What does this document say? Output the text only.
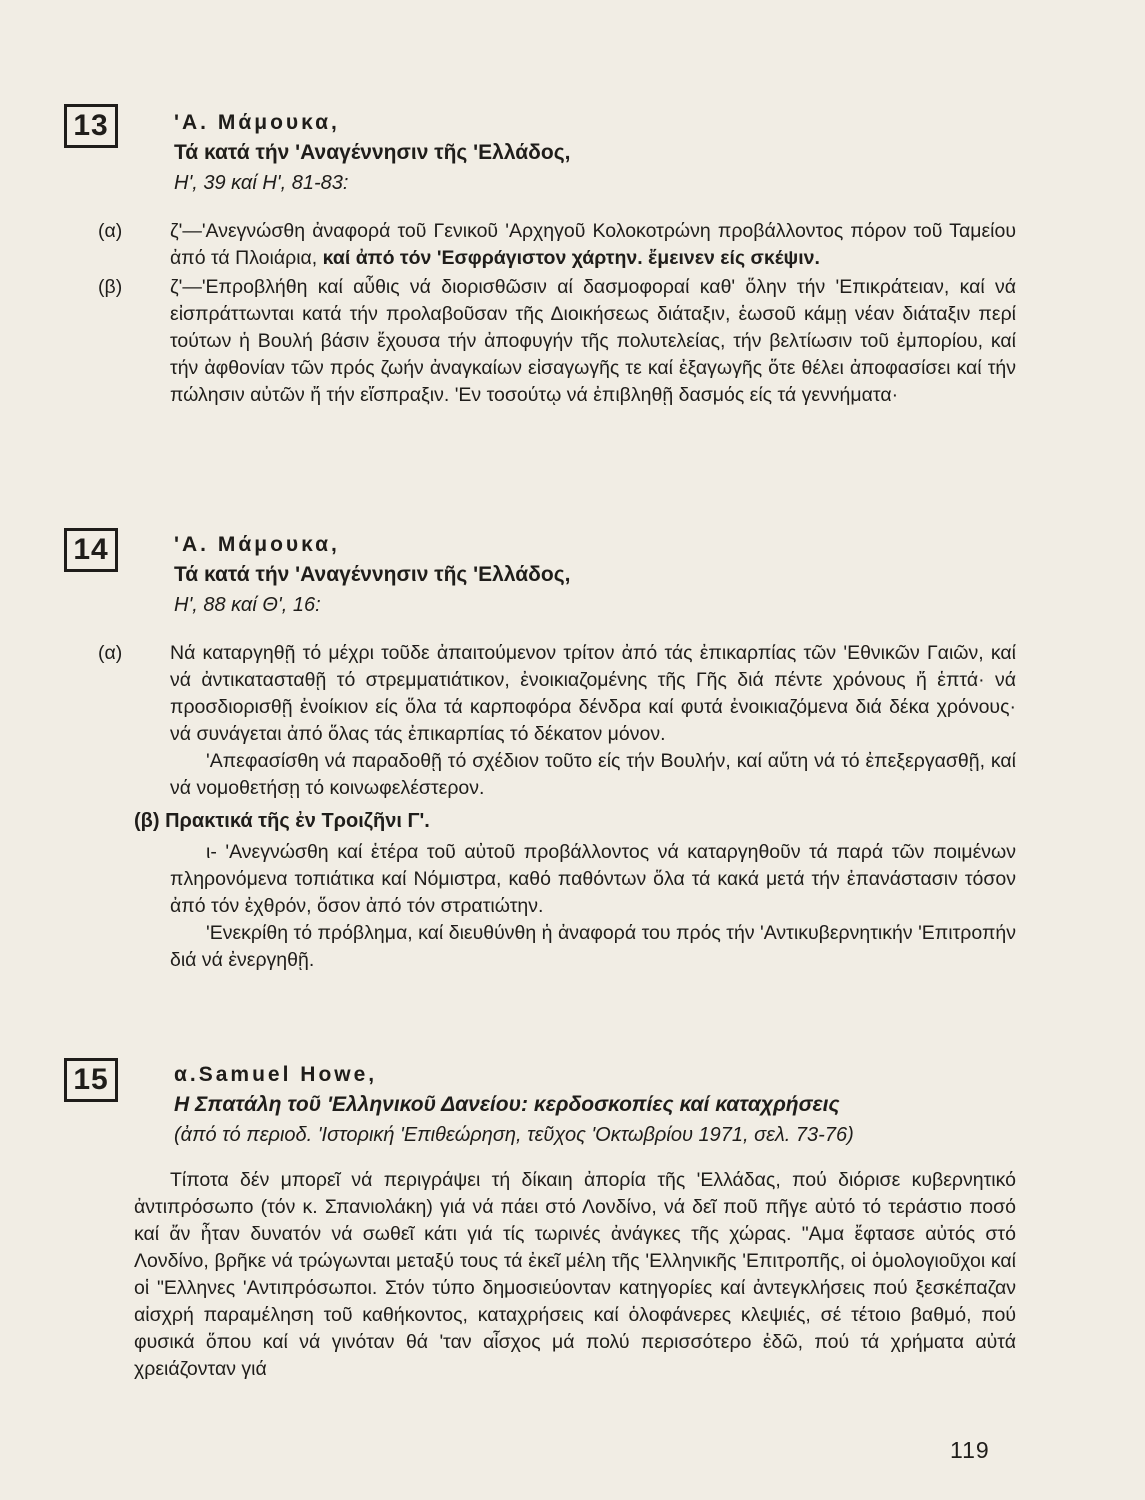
13	'Α. Μάμουκα,
Τά κατά τήν 'Αναγέννησιν τῆς 'Ελλάδος,
Η', 39 καί Η', 81-83:

(α) ζ'—'Ανεγνώσθη ἀναφορά τοῦ Γενικοῦ 'Αρχηγοῦ Κολοκοτρώνη προβάλλοντος πόρον τοῦ Ταμείου ἀπό τά Πλοιάρια, καί ἀπό τόν 'Εσφράγιστον χάρτην. ἔμεινεν είς σκέψιν.

(β) ζ'—'Επροβλήθη καί αὖθις νά διορισθῶσιν αί δασμοφοραί καθ' ὅλην τήν 'Επικράτειαν, καί νά εἰσπράττωνται κατά τήν προλαβοῦσαν τῆς Διοικήσεως διάταξιν, ἑωσοῦ κάμῃ νέαν διάταξιν περί τούτων ἡ Βουλή βάσιν ἔχουσα τήν ἀποφυγήν τῆς πολυτελείας, τήν βελτίωσιν τοῦ ἐμπορίου, καί τήν ἀφθονίαν τῶν πρός ζωήν ἀναγκαίων εἰσαγωγῆς τε καί ἐξαγωγῆς ὅτε θέλει ἀποφασίσει καί τήν πώλησιν αὐτῶν ἤ τήν εἴσπραξιν. 'Εν τοσούτῳ νά ἐπιβληθῇ δασμός είς τά γεννήματα·

14	'Α. Μάμουκα,
Τά κατά τήν 'Αναγέννησιν τῆς 'Ελλάδος,
Η', 88 καί Θ', 16:

(α) Νά καταργηθῇ τό μέχρι τοῦδε ἀπαιτούμενον τρίτον ἀπό τάς ἐπικαρπίας τῶν 'Εθνικῶν Γαιῶν, καί νά ἀντικατασταθῇ τό στρεμματιάτικον, ἐνοικιαζομένης τῆς Γῆς διά πέντε χρόνους ἤ ἑπτά· νά προσδιορισθῇ ἐνοίκιον είς ὅλα τά καρποφόρα δένδρα καί φυτά ἐνοικιαζόμενα διά δέκα χρόνους· νά συνάγεται ἀπό ὅλας τάς ἐπικαρπίας τό δέκατον μόνον.

'Απεφασίσθη νά παραδοθῇ τό σχέδιον τοῦτο είς τήν Βουλήν, καί αὕτη νά τό ἐπεξεργασθῇ, καί νά νομοθετήσῃ τό κοινωφελέστερον.

(β) Πρακτικά τῆς ἐν Τροιζῆνι Γ'.

ι- 'Ανεγνώσθη καί ἑτέρα τοῦ αὐτοῦ προβάλλοντος νά καταργηθοῦν τά παρά τῶν ποιμένων πληρονόμενα τοπιάτικα καί Νόμιστρα, καθό παθόντων ὅλα τά κακά μετά τήν ἐπανάστασιν τόσον ἀπό τόν ἐχθρόν, ὅσον ἀπό τόν στρατιώτην.

'Ενεκρίθη τό πρόβλημα, καί διευθύνθη ἡ ἀναφορά του πρός τήν 'Αντικυβερνητικήν 'Επιτροπήν διά νά ἐνεργηθῇ.

15	α.Samuel Howe,
Η Σπατάλη τοῦ 'Ελληνικοῦ Δανείου: κερδοσκοπίες καί καταχρήσεις
(ἀπό τό περιοδ. 'Ιστορική 'Επιθεώρηση, τεῦχος 'Οκτωβρίου 1971, σελ. 73-76)

Τίποτα δέν μπορεῖ νά περιγράψει τή δίκαιη ἀπορία τῆς 'Ελλάδας, πού διόρισε κυβερνητικό ἀντιπρόσωπο (τόν κ. Σπανιολάκη) γιά νά πάει στό Λονδίνο, νά δεῖ ποῦ πῆγε αὐτό τό τεράστιο ποσό καί ἄν ἦταν δυνατόν νά σωθεῖ κάτι γιά τίς τωρινές ἀνάγκες τῆς χώρας. "Αμα ἔφτασε αὐτός στό Λονδίνο, βρῆκε νά τρώγωνται μεταξύ τους τά ἐκεῖ μέλη τῆς 'Ελληνικῆς 'Επιτροπῆς, οἱ ὁμολογιοῦχοι καί οἱ "Ελληνες 'Αντιπρόσωποι. Στόν τύπο δημοσιεύονταν κατηγορίες καί ἀντεγκλήσεις πού ξεσκέπαζαν αἰσχρή παραμέληση τοῦ καθήκοντος, καταχρήσεις καί ὁλοφάνερες κλεψιές, σέ τέτοιο βαθμό, πού φυσικά ὅπου καί νά γινόταν θά 'ταν αἶσχος μά πολύ περισσότερο ἐδῶ, πού τά χρήματα αὐτά χρειάζονταν γιά

119
